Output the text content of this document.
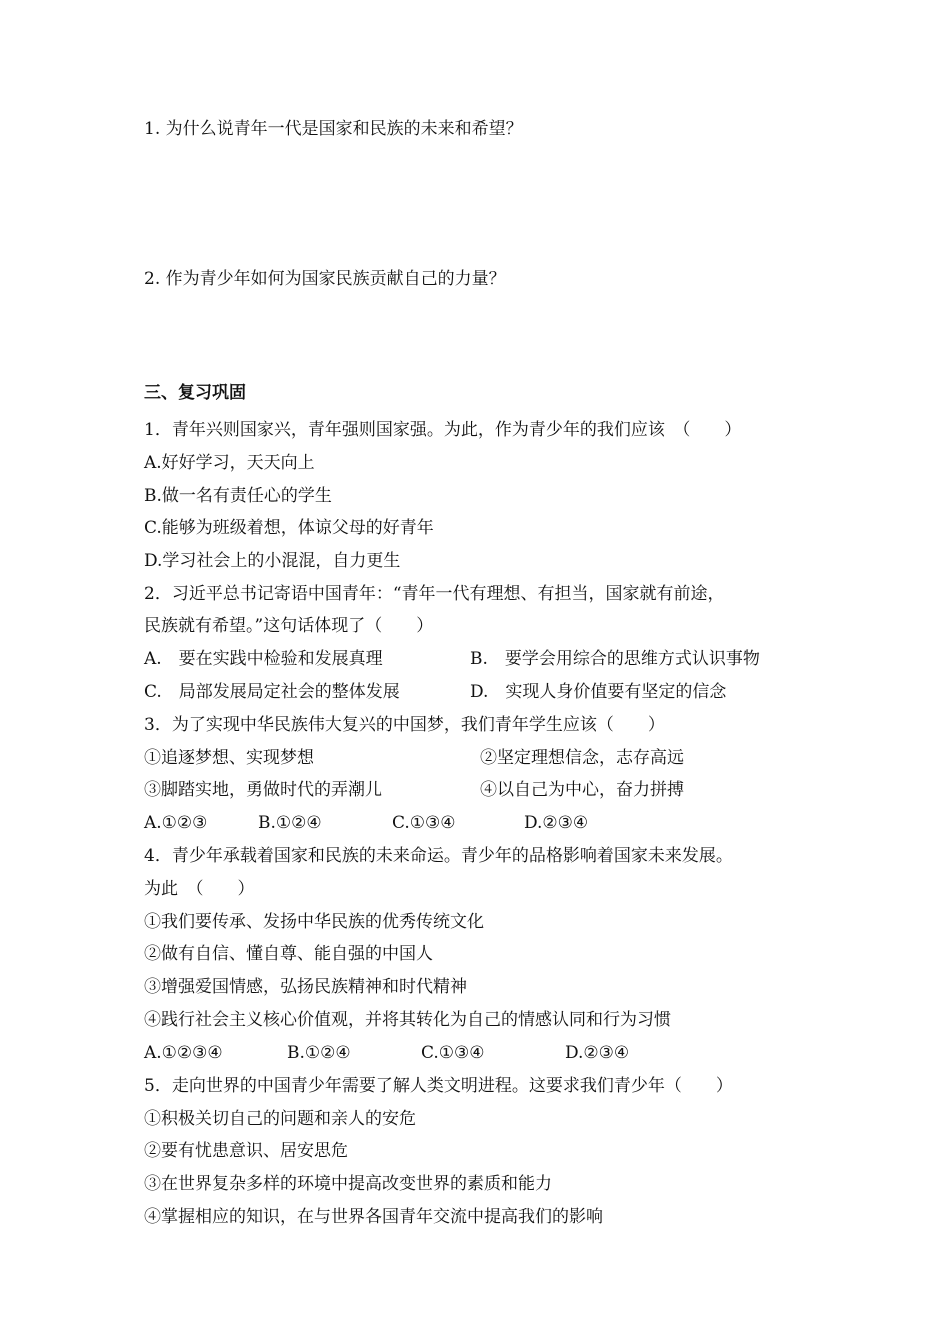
1. 为什么说青年一代是国家和民族的未来和希望？
2. 作为青少年如何为国家民族贡献自己的力量？
三、复习巩固
1．青年兴则国家兴，青年强则国家强。为此，作为青少年的我们应该　（　　）
A.好好学习，天天向上
B.做一名有责任心的学生
C.能够为班级着想，体谅父母的好青年
D.学习社会上的小混混，自力更生
2．习近平总书记寄语中国青年：“青年一代有理想、有担当，国家就有前途，
民族就有希望。”这句话体现了（　　）
A.　要在实践中检验和发展真理	B.　要学会用综合的思维方式认识事物
C.　局部发展局定社会的整体发展	D.　实现人身价值要有坚定的信念
3．为了实现中华民族伟大复兴的中国梦，我们青年学生应该（　　）
①追逐梦想、实现梦想	②坚定理想信念，志存高远
③脚踏实地，勇做时代的弄潮儿	④以自己为中心，奋力拼搏
A.①②③	B.①②④	C.①③④	D.②③④
4．青少年承载着国家和民族的未来命运。青少年的品格影响着国家未来发展。
为此　（　　）
①我们要传承、发扬中华民族的优秀传统文化
②做有自信、懂自尊、能自强的中国人
③增强爱国情感，弘扬民族精神和时代精神
④践行社会主义核心价值观，并将其转化为自己的情感认同和行为习惯
A.①②③④	B.①②④	C.①③④	D.②③④
5．走向世界的中国青少年需要了解人类文明进程。这要求我们青少年（　　）
①积极关切自己的问题和亲人的安危
②要有忧患意识、居安思危
③在世界复杂多样的环境中提高改变世界的素质和能力
④掌握相应的知识，在与世界各国青年交流中提高我们的影响
